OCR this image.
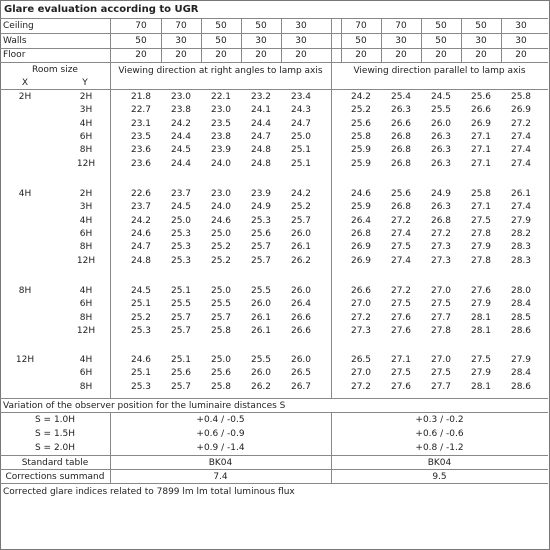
Glare evaluation according to UGR
Ceiling	70	70	50	50	30	70	70	50	50	30
Walls	50	30	50	30	30	50	30	50	30	30
Floor	20	20	20	20	20	20	20	20	20	20
Room size
X	Y
Viewing direction at right angles to lamp axis	Viewing direction parallel to lamp axis
2H	2H	21.8	23.0	22.1	23.2	23.4	24.2	25.4	24.5	25.6	25.8
3H	22.7	23.8	23.0	24.1	24.3	25.2	26.3	25.5	26.6	26.9
4H	23.1	24.2	23.5	24.4	24.7	25.6	26.6	26.0	26.9	27.2
6H	23.5	24.4	23.8	24.7	25.0	25.8	26.8	26.3	27.1	27.4
8H	23.6	24.5	23.9	24.8	25.1	25.9	26.8	26.3	27.1	27.4
12H	23.6	24.4	24.0	24.8	25.1	25.9	26.8	26.3	27.1	27.4
4H	2H	22.6	23.7	23.0	23.9	24.2	24.6	25.6	24.9	25.8	26.1
3H	23.7	24.5	24.0	24.9	25.2	25.9	26.8	26.3	27.1	27.4
4H	24.2	25.0	24.6	25.3	25.7	26.4	27.2	26.8	27.5	27.9
6H	24.6	25.3	25.0	25.6	26.0	26.8	27.4	27.2	27.8	28.2
8H	24.7	25.3	25.2	25.7	26.1	26.9	27.5	27.3	27.9	28.3
12H	24.8	25.3	25.2	25.7	26.2	26.9	27.4	27.3	27.8	28.3
8H	4H	24.5	25.1	25.0	25.5	26.0	26.6	27.2	27.0	27.6	28.0
6H	25.1	25.5	25.5	26.0	26.4	27.0	27.5	27.5	27.9	28.4
8H	25.2	25.7	25.7	26.1	26.6	27.2	27.6	27.7	28.1	28.5
12H	25.3	25.7	25.8	26.1	26.6	27.3	27.6	27.8	28.1	28.6
12H	4H	24.6	25.1	25.0	25.5	26.0	26.5	27.1	27.0	27.5	27.9
6H	25.1	25.6	25.6	26.0	26.5	27.0	27.5	27.5	27.9	28.4
8H	25.3	25.7	25.8	26.2	26.7	27.2	27.6	27.7	28.1	28.6
Variation of the observer position for the luminaire distances S
S = 1.0H	+0.4 / -0.5	+0.3 / -0.2
S = 1.5H	+0.6 / -0.9	+0.6 / -0.6
S = 2.0H	+0.9 / -1.4	+0.8 / -1.2
Standard table	BK04	BK04
Corrections summand	7.4	9.5
Corrected glare indices related to 7899 lm lm total luminous flux
